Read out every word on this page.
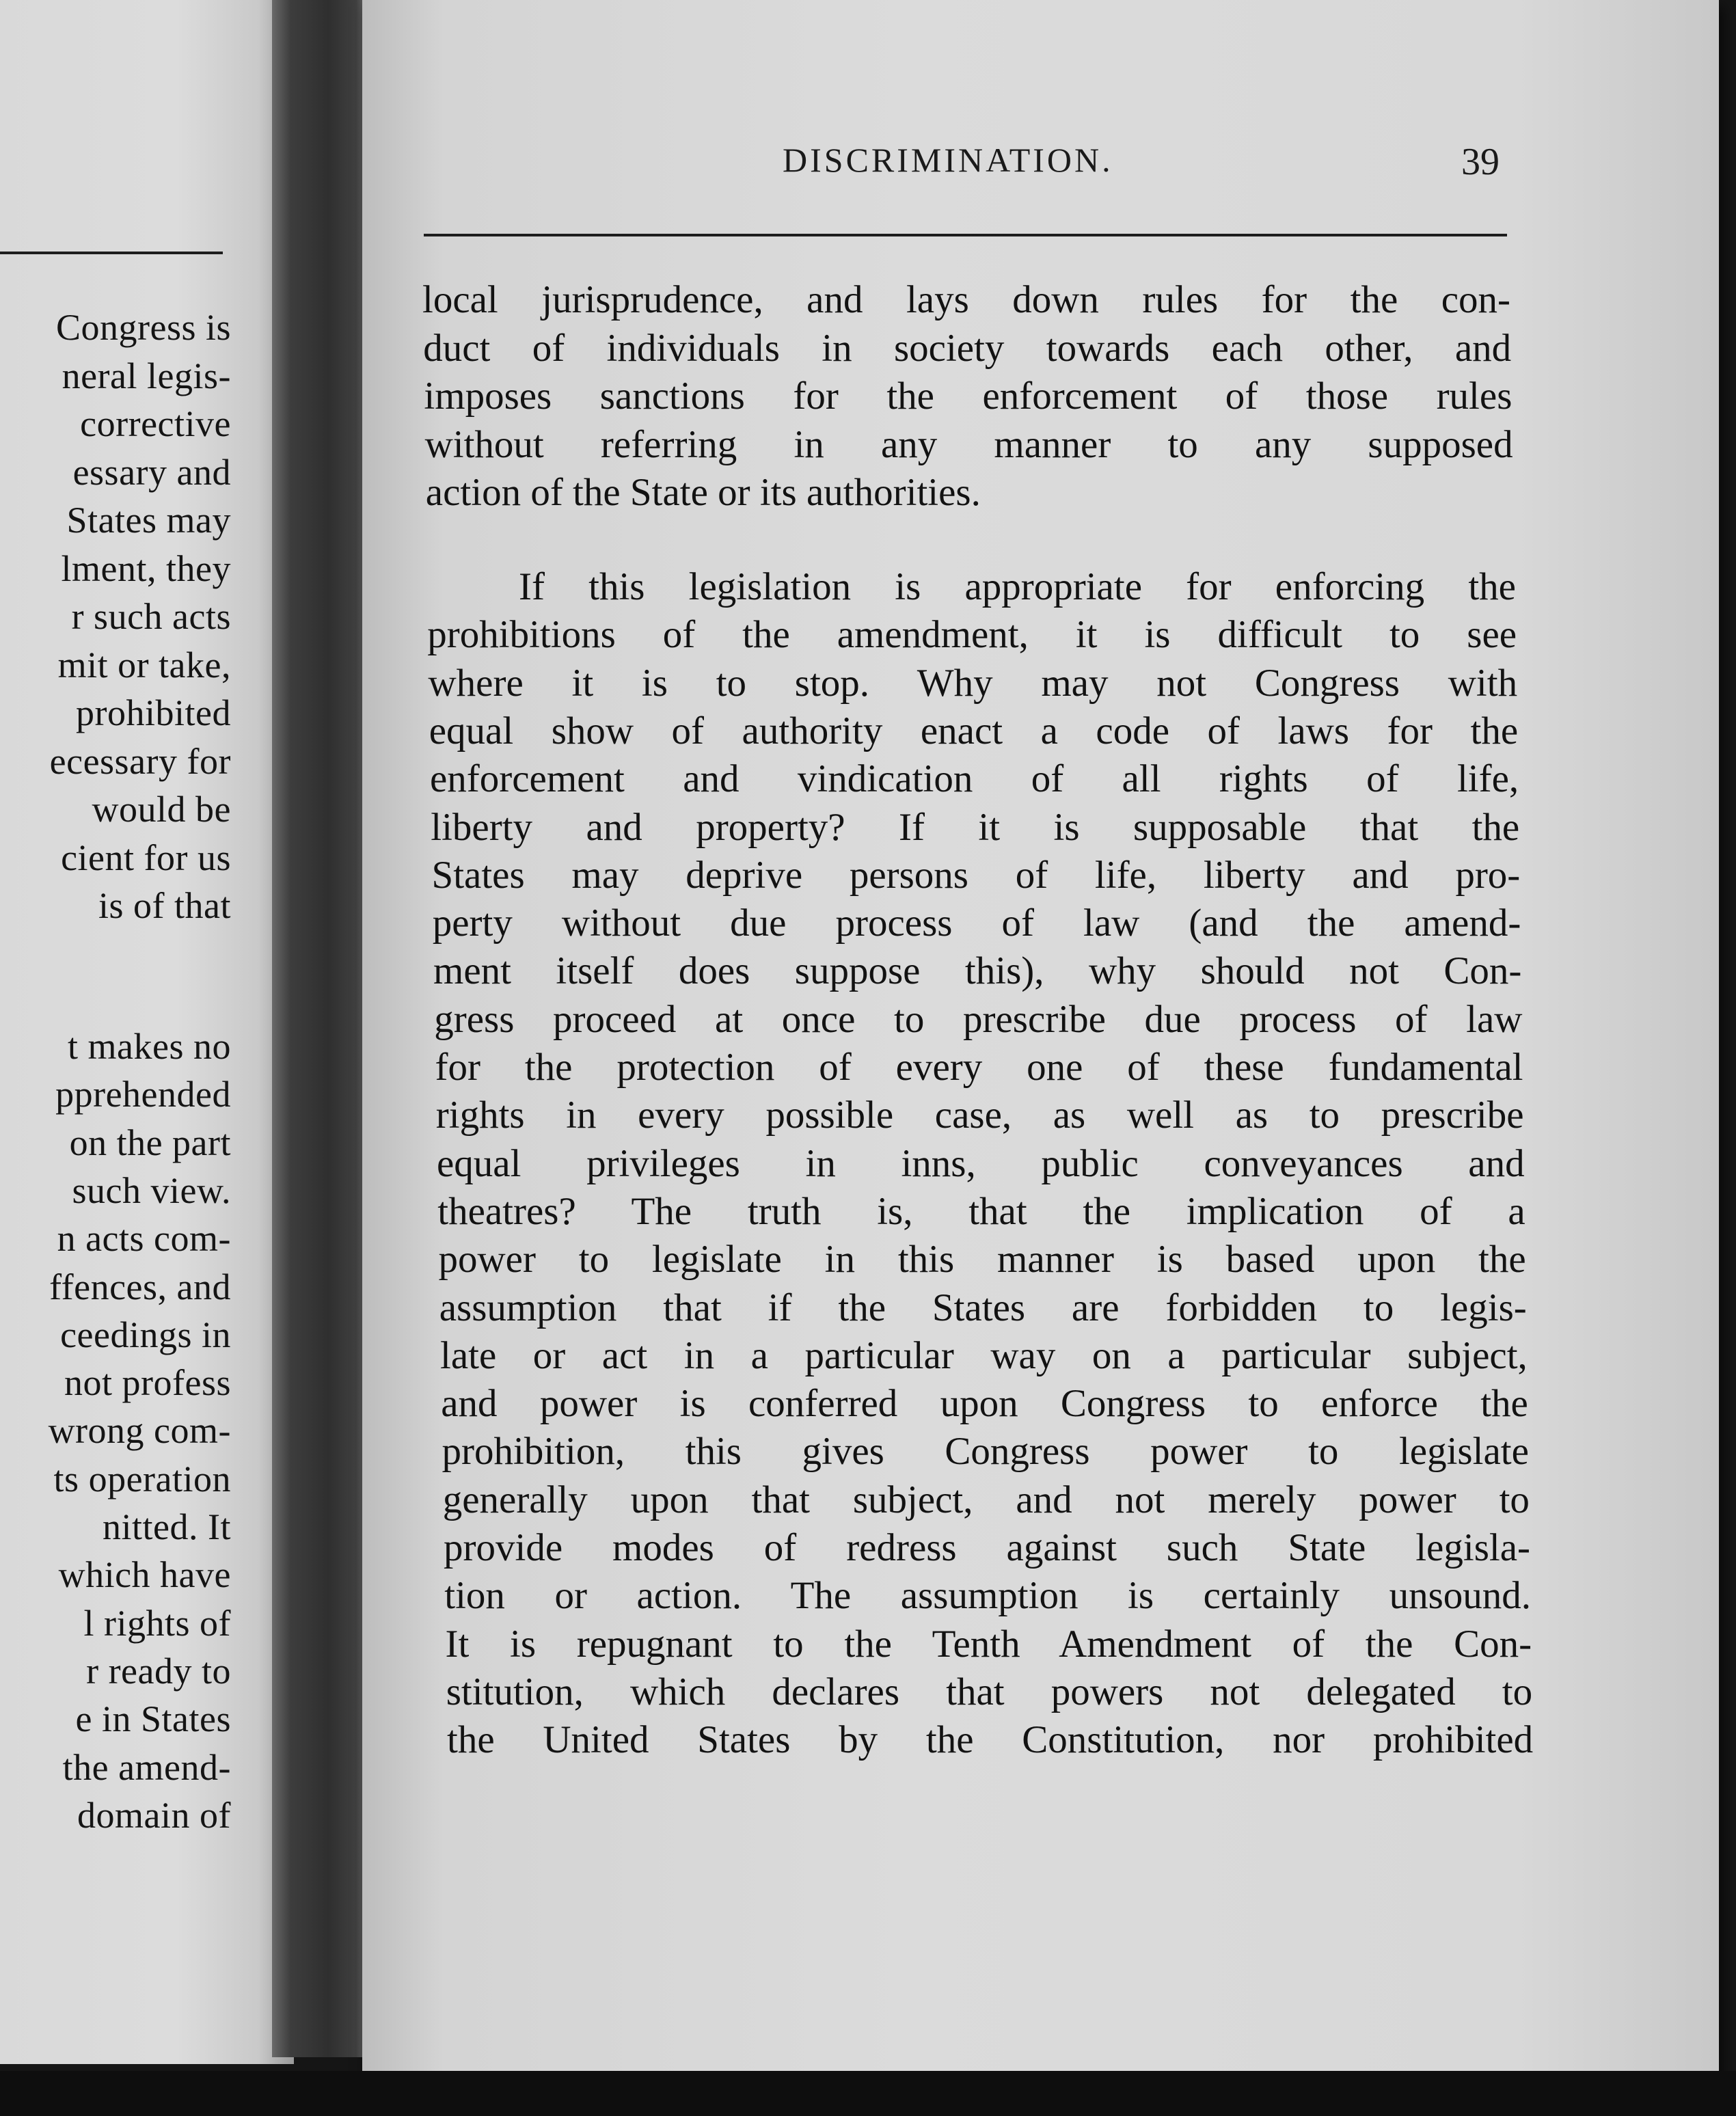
Congress is
neral legis-
corrective
essary and
States may
lment, they
r such acts
mit or take,
prohibited
ecessary for
would be
cient for us
is of that
t makes no
pprehended
on the part
such view.
n acts com-
ffences, and
ceedings in
not profess
wrong com-
ts operation
nitted. It
which have
l rights of
r ready to
e in States
the amend-
domain of
DISCRIMINATION.	39
local jurisprudence, and lays down rules for the con-
duct of individuals in society towards each other, and
imposes sanctions for the enforcement of those rules
without referring in any manner to any supposed
action of the State or its authorities.
If this legislation is appropriate for enforcing the
prohibitions of the amendment, it is difficult to see
where it is to stop. Why may not Congress with
equal show of authority enact a code of laws for the
enforcement and vindication of all rights of life,
liberty and property? If it is supposable that the
States may deprive persons of life, liberty and pro-
perty without due process of law (and the amend-
ment itself does suppose this), why should not Con-
gress proceed at once to prescribe due process of law
for the protection of every one of these fundamental
rights in every possible case, as well as to prescribe
equal privileges in inns, public conveyances and
theatres? The truth is, that the implication of a
power to legislate in this manner is based upon the
assumption that if the States are forbidden to legis-
late or act in a particular way on a particular subject,
and power is conferred upon Congress to enforce the
prohibition, this gives Congress power to legislate
generally upon that subject, and not merely power to
provide modes of redress against such State legisla-
tion or action. The assumption is certainly unsound.
It is repugnant to the Tenth Amendment of the Con-
stitution, which declares that powers not delegated to
the United States by the Constitution, nor prohibited
